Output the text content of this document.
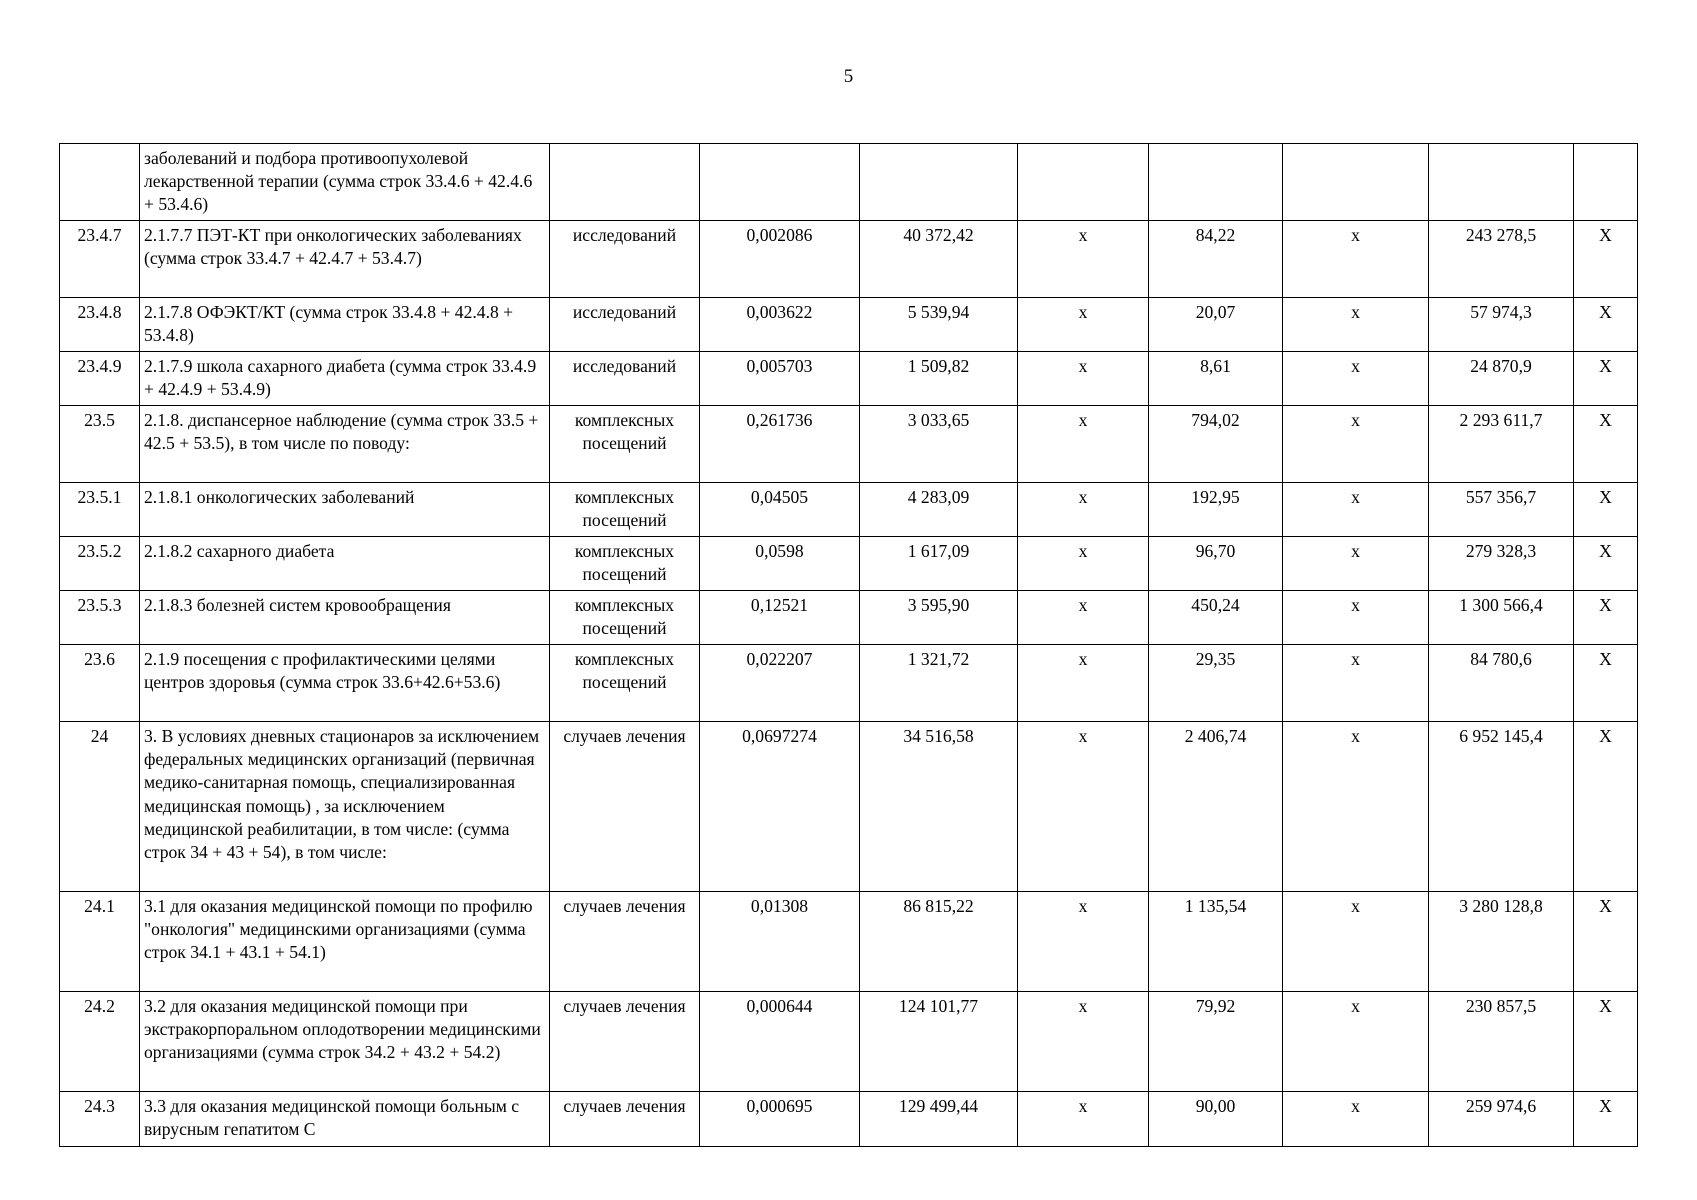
5
	заболеваний и подбора противоопухолевой лекарственной терапии (сумма строк 33.4.6 + 42.4.6 + 53.4.6)								
23.4.7	2.1.7.7 ПЭТ-КТ при онкологических заболеваниях (сумма строк 33.4.7 + 42.4.7 + 53.4.7)	исследований	0,002086	40 372,42	х	84,22	х	243 278,5	Х
23.4.8	2.1.7.8 ОФЭКТ/КТ (сумма строк 33.4.8 + 42.4.8 + 53.4.8)	исследований	0,003622	5 539,94	х	20,07	х	57 974,3	Х
23.4.9	2.1.7.9 школа сахарного диабета (сумма строк 33.4.9 + 42.4.9 + 53.4.9)	исследований	0,005703	1 509,82	х	8,61	х	24 870,9	Х
23.5	2.1.8. диспансерное наблюдение (сумма строк 33.5 + 42.5 + 53.5), в том числе по поводу:	комплексных посещений	0,261736	3 033,65	х	794,02	х	2 293 611,7	Х
23.5.1	2.1.8.1 онкологических заболеваний	комплексных посещений	0,04505	4 283,09	х	192,95	х	557 356,7	Х
23.5.2	2.1.8.2 сахарного диабета	комплексных посещений	0,0598	1 617,09	х	96,70	х	279 328,3	Х
23.5.3	2.1.8.3 болезней систем кровообращения	комплексных посещений	0,12521	3 595,90	х	450,24	х	1 300 566,4	Х
23.6	2.1.9 посещения с профилактическими целями центров здоровья (сумма строк 33.6+42.6+53.6)	комплексных посещений	0,022207	1 321,72	х	29,35	х	84 780,6	Х
24	3. В условиях дневных стационаров за исключением федеральных медицинских организаций (первичная медико-санитарная помощь, специализированная медицинская помощь) , за исключением медицинской реабилитации, в том числе: (сумма строк 34 + 43 + 54), в том числе:	случаев лечения	0,0697274	34 516,58	х	2 406,74	х	6 952 145,4	Х
24.1	3.1 для оказания медицинской помощи по профилю "онкология" медицинскими организациями (сумма строк 34.1 + 43.1 + 54.1)	случаев лечения	0,01308	86 815,22	х	1 135,54	х	3 280 128,8	Х
24.2	3.2 для оказания медицинской помощи при экстракорпоральном оплодотворении медицинскими организациями (сумма строк 34.2 + 43.2 + 54.2)	случаев лечения	0,000644	124 101,77	х	79,92	х	230 857,5	Х
24.3	3.3 для оказания медицинской помощи больным с вирусным гепатитом С	случаев лечения	0,000695	129 499,44	х	90,00	х	259 974,6	Х
